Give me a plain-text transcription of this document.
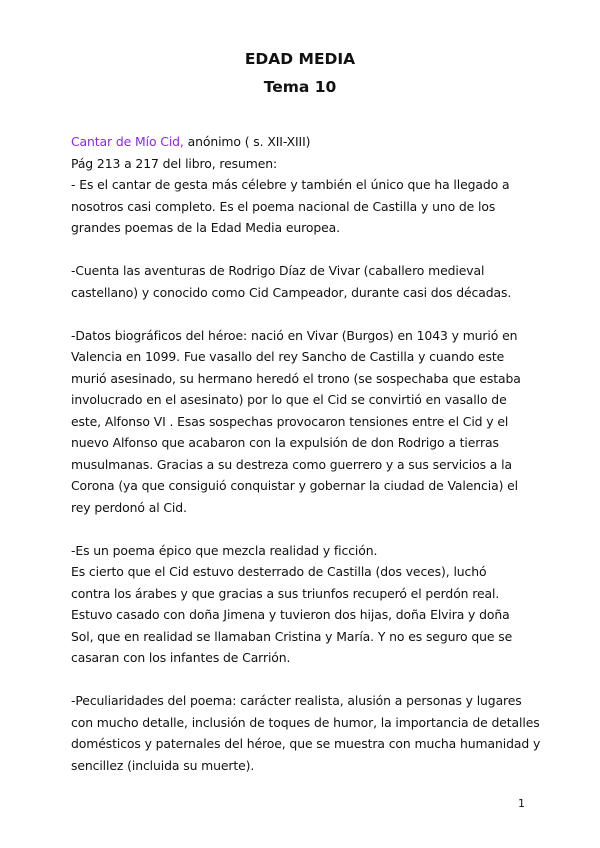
EDAD MEDIA
Tema 10

Cantar de Mío Cid, anónimo ( s. XII-XIII)

Pág 213 a 217 del libro, resumen:

- Es el cantar de gesta más célebre y también el único que ha llegado a

nosotros casi completo. Es el poema nacional de Castilla y uno de los

grandes poemas de la Edad Media europea.

-Cuenta las aventuras de Rodrigo Díaz de Vivar (caballero medieval

castellano) y conocido como Cid Campeador, durante casi dos décadas.

-Datos biográficos del héroe: nació en Vivar (Burgos) en 1043 y murió en

Valencia en 1099. Fue vasallo del rey Sancho de Castilla y cuando este

murió asesinado, su hermano heredó el trono (se sospechaba que estaba

involucrado en el asesinato) por lo que el Cid se convirtió en vasallo de

este, Alfonso VI . Esas sospechas provocaron tensiones entre el Cid y el

nuevo Alfonso que acabaron con la expulsión de don Rodrigo a tierras

musulmanas. Gracias a su destreza como guerrero y a sus servicios a la

Corona (ya que consiguió conquistar y gobernar la ciudad de Valencia) el

rey perdonó al Cid.

-Es un poema épico que mezcla realidad y ficción.

Es cierto que el Cid estuvo desterrado de Castilla (dos veces), luchó

contra los árabes y que gracias a sus triunfos recuperó el perdón real.

Estuvo casado con doña Jimena y tuvieron dos hijas, doña Elvira y doña

Sol, que en realidad se llamaban Cristina y María. Y no es seguro que se

casaran con los infantes de Carrión.

-Peculiaridades del poema: carácter realista, alusión a personas y lugares

con mucho detalle, inclusión de toques de humor, la importancia de detalles

domésticos y paternales del héroe, que se muestra con mucha humanidad y

sencillez (incluida su muerte).

1
